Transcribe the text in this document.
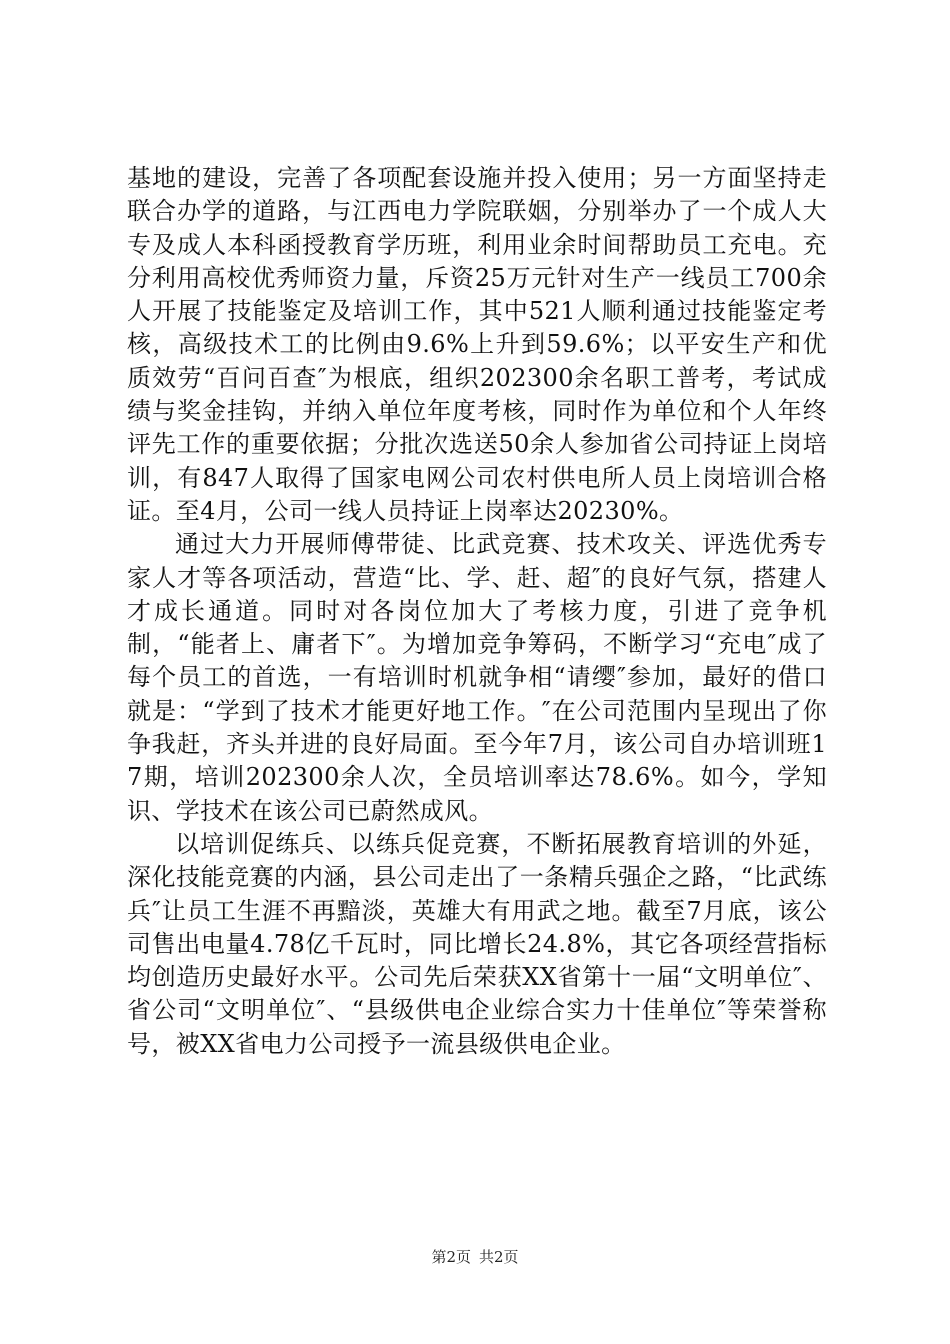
基地的建设，完善了各项配套设施并投入使用；另一方面坚持走联合办学的道路，与江西电力学院联姻，分别举办了一个成人大专及成人本科函授教育学历班，利用业余时间帮助员工充电。充分利用高校优秀师资力量，斥资25万元针对生产一线员工700余人开展了技能鉴定及培训工作，其中521人顺利通过技能鉴定考核，高级技术工的比例由9.6%上升到59.6%；以平安生产和优质效劳“百问百查″为根底，组织202300余名职工普考，考试成绩与奖金挂钩，并纳入单位年度考核，同时作为单位和个人年终评先工作的重要依据；分批次选送50余人参加省公司持证上岗培训，有847人取得了国家电网公司农村供电所人员上岗培训合格证。至4月，公司一线人员持证上岗率达20230%。

通过大力开展师傅带徒、比武竞赛、技术攻关、评选优秀专家人才等各项活动，营造“比、学、赶、超″的良好气氛，搭建人才成长通道。同时对各岗位加大了考核力度，引进了竞争机制，“能者上、庸者下″。为增加竞争筹码，不断学习“充电″成了每个员工的首选，一有培训时机就争相“请缨″参加，最好的借口就是：“学到了技术才能更好地工作。″在公司范围内呈现出了你争我赶，齐头并进的良好局面。至今年7月，该公司自办培训班17期，培训202300余人次，全员培训率达78.6%。如今，学知识、学技术在该公司已蔚然成风。

以培训促练兵、以练兵促竞赛，不断拓展教育培训的外延，深化技能竞赛的内涵，县公司走出了一条精兵强企之路，“比武练兵″让员工生涯不再黯淡，英雄大有用武之地。截至7月底，该公司售出电量4.78亿千瓦时，同比增长24.8%，其它各项经营指标均创造历史最好水平。公司先后荣获XX省第十一届“文明单位″、省公司“文明单位″、“县级供电企业综合实力十佳单位″等荣誉称号，被XX省电力公司授予一流县级供电企业。

第2页 共2页
